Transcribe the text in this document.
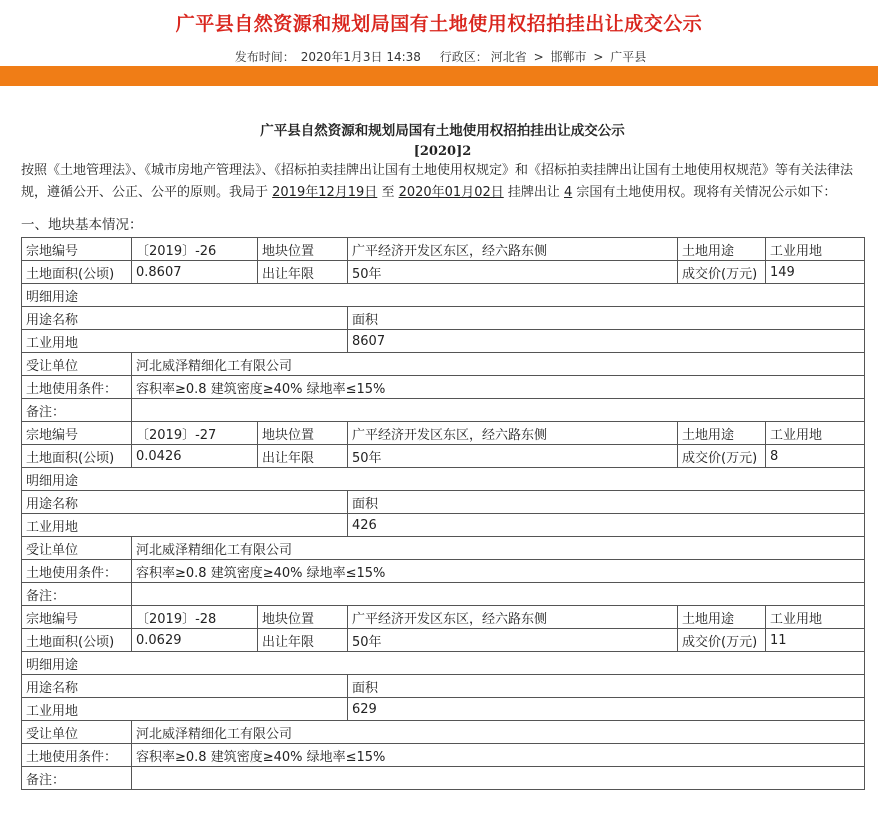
广平县自然资源和规划局国有土地使用权招拍挂出让成交公示
发布时间： 2020年1月3日 14:38 行政区： 河北省 > 邯郸市 > 广平县
广平县自然资源和规划局国有土地使用权招拍挂出让成交公示
[2020]2
按照《土地管理法》、《城市房地产管理法》、《招标拍卖挂牌出让国有土地使用权规定》和《招标拍卖挂牌出让国有土地使用权规范》等有关法律法规，遵循公开、公正、公平的原则。我局于 2019年12月19日 至 2020年01月02日 挂牌出让 4 宗国有土地使用权。现将有关情况公示如下：
一、地块基本情况：
宗地编号	〔2019〕-26	地块位置	广平经济开发区东区，经六路东侧	土地用途	工业用地
土地面积(公顷)	0.8607	出让年限	50年	成交价(万元)	149
明细用途					
用途名称			面积		
工业用地			8607		
受让单位	河北威泽精细化工有限公司				
土地使用条件：	容积率≥0.8 建筑密度≥40% 绿地率≤15%				
备注：					
宗地编号	〔2019〕-27	地块位置	广平经济开发区东区，经六路东侧	土地用途	工业用地
土地面积(公顷)	0.0426	出让年限	50年	成交价(万元)	8
明细用途					
用途名称			面积		
工业用地			426		
受让单位	河北威泽精细化工有限公司				
土地使用条件：	容积率≥0.8 建筑密度≥40% 绿地率≤15%				
备注：					
宗地编号	〔2019〕-28	地块位置	广平经济开发区东区，经六路东侧	土地用途	工业用地
土地面积(公顷)	0.0629	出让年限	50年	成交价(万元)	11
明细用途					
用途名称			面积		
工业用地			629		
受让单位	河北威泽精细化工有限公司				
土地使用条件：	容积率≥0.8 建筑密度≥40% 绿地率≤15%				
备注：					
